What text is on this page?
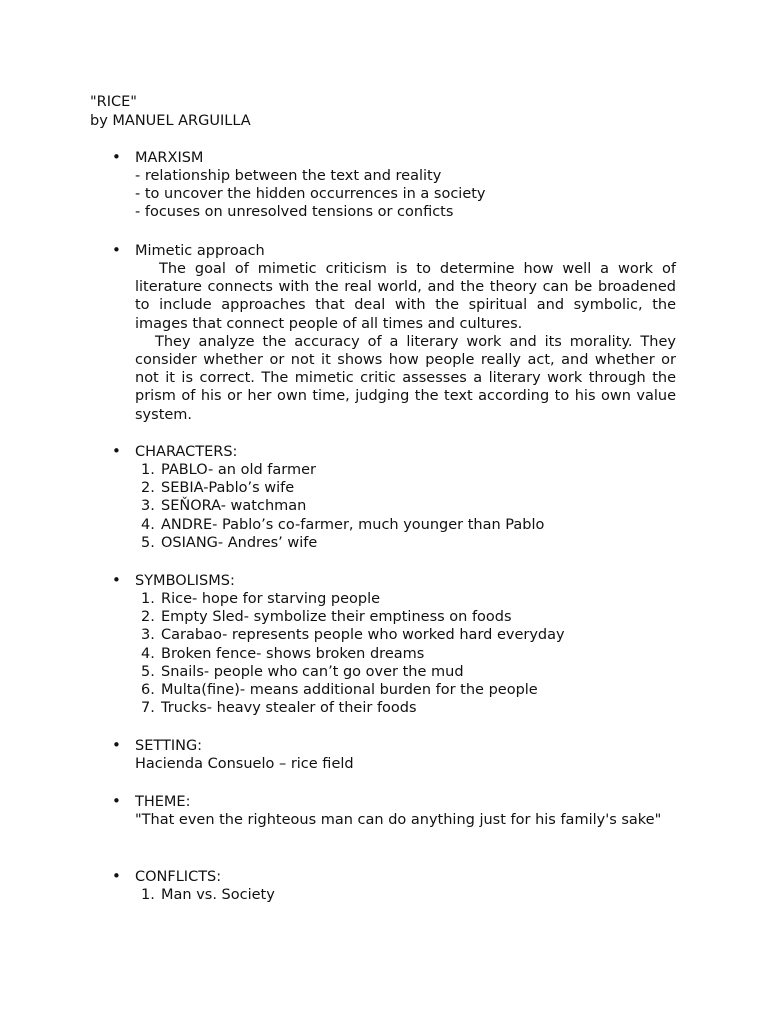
"RICE"
by MANUEL ARGUILLA
• MARXISM
- relationship between the text and reality
- to uncover the hidden occurrences in a society
- focuses on unresolved tensions or conficts
• Mimetic approach
The goal of mimetic criticism is to determine how well a work of literature connects with the real world, and the theory can be broadened to include approaches that deal with the spiritual and symbolic, the images that connect people of all times and cultures.
They analyze the accuracy of a literary work and its morality. They consider whether or not it shows how people really act, and whether or not it is correct. The mimetic critic assesses a literary work through the prism of his or her own time, judging the text according to his own value system.
• CHARACTERS:
1. PABLO- an old farmer
2. SEBIA-Pablo’s wife
3. SEŇORA- watchman
4. ANDRE- Pablo’s co-farmer, much younger than Pablo
5. OSIANG- Andres’ wife
• SYMBOLISMS:
1. Rice- hope for starving people
2. Empty Sled- symbolize their emptiness on foods
3. Carabao- represents people who worked hard everyday
4. Broken fence- shows broken dreams
5. Snails- people who can’t go over the mud
6. Multa(fine)- means additional burden for the people
7. Trucks- heavy stealer of their foods
• SETTING:
Hacienda Consuelo – rice field
• THEME:
"That even the righteous man can do anything just for his family's sake"
• CONFLICTS:
1. Man vs. Society
